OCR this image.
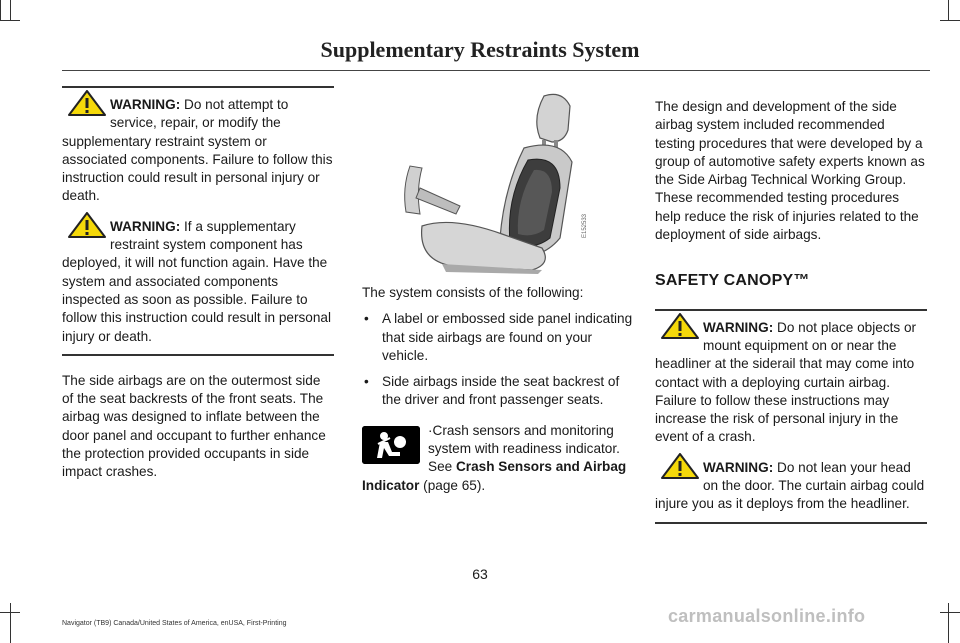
Supplementary Restraints System

WARNING: Do not attempt to service, repair, or modify the supplementary restraint system or associated components. Failure to follow this instruction could result in personal injury or death.

WARNING: If a supplementary restraint system component has deployed, it will not function again. Have the system and associated components inspected as soon as possible. Failure to follow this instruction could result in personal injury or death.

The side airbags are on the outermost side of the seat backrests of the front seats. The airbag was designed to inflate between the door panel and occupant to further enhance the protection provided occupants in side impact crashes.

E152533

The system consists of the following:

• A label or embossed side panel indicating that side airbags are found on your vehicle.
• Side airbags inside the seat backrest of the driver and front passenger seats.

·Crash sensors and monitoring system with readiness indicator. See Crash Sensors and Airbag Indicator (page 65).

The design and development of the side airbag system included recommended testing procedures that were developed by a group of automotive safety experts known as the Side Airbag Technical Working Group. These recommended testing procedures help reduce the risk of injuries related to the deployment of side airbags.

SAFETY CANOPY™

WARNING: Do not place objects or mount equipment on or near the headliner at the siderail that may come into contact with a deploying curtain airbag. Failure to follow these instructions may increase the risk of personal injury in the event of a crash.

WARNING: Do not lean your head on the door. The curtain airbag could injure you as it deploys from the headliner.

63
Navigator (TB9) Canada/United States of America, enUSA, First-Printing	carmanualsonline.info
